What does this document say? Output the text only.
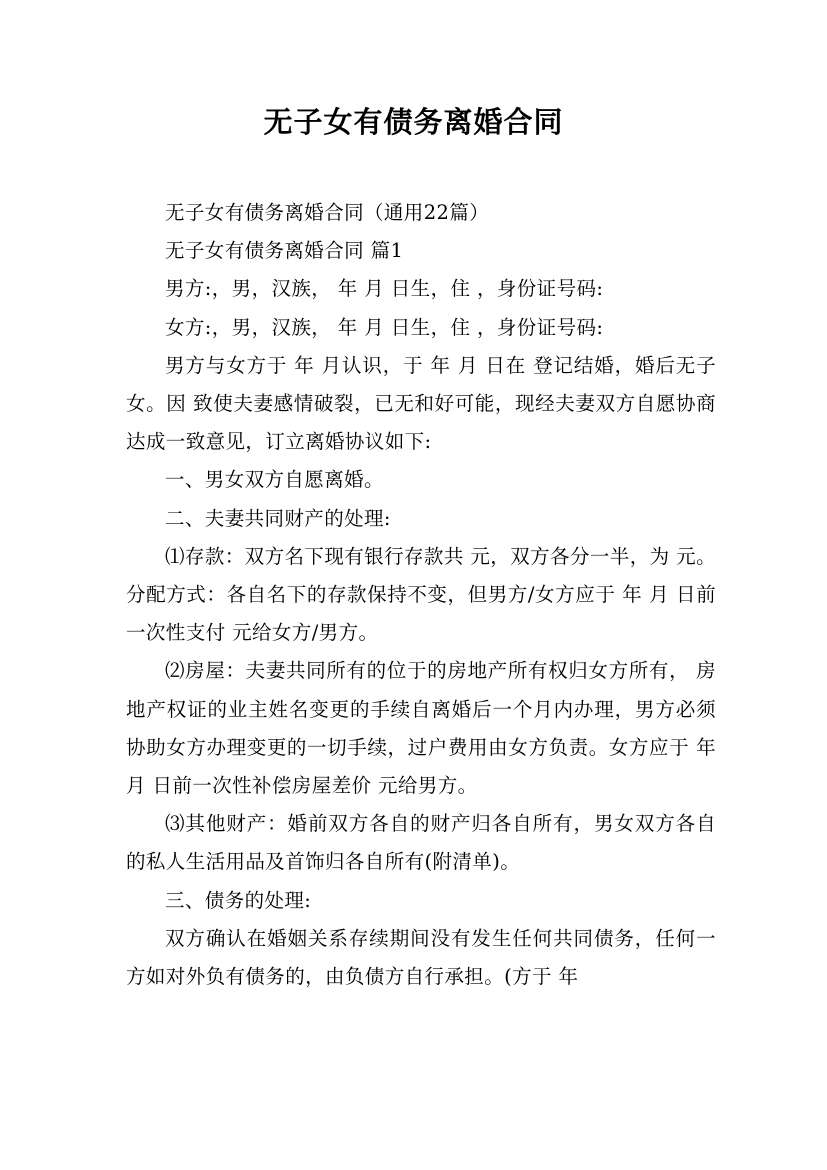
无子女有债务离婚合同

无子女有债务离婚合同（通用22篇）

无子女有债务离婚合同 篇1

男方:，男，汉族， 年 月 日生，住 ，身份证号码:

女方:，男，汉族， 年 月 日生，住 ，身份证号码:

男方与女方于 年 月认识，于 年 月 日在 登记结婚，婚后无子女。因 致使夫妻感情破裂，已无和好可能，现经夫妻双方自愿协商达成一致意见，订立离婚协议如下:

一、男女双方自愿离婚。

二、夫妻共同财产的处理:

⑴存款：双方名下现有银行存款共 元，双方各分一半，为 元。分配方式：各自名下的存款保持不变，但男方/女方应于 年 月 日前一次性支付 元给女方/男方。

⑵房屋：夫妻共同所有的位于的房地产所有权归女方所有， 房地产权证的业主姓名变更的手续自离婚后一个月内办理，男方必须协助女方办理变更的一切手续，过户费用由女方负责。女方应于 年 月 日前一次性补偿房屋差价 元给男方。

⑶其他财产：婚前双方各自的财产归各自所有，男女双方各自的私人生活用品及首饰归各自所有(附清单)。

三、债务的处理:

双方确认在婚姻关系存续期间没有发生任何共同债务，任何一方如对外负有债务的，由负债方自行承担。(方于 年
